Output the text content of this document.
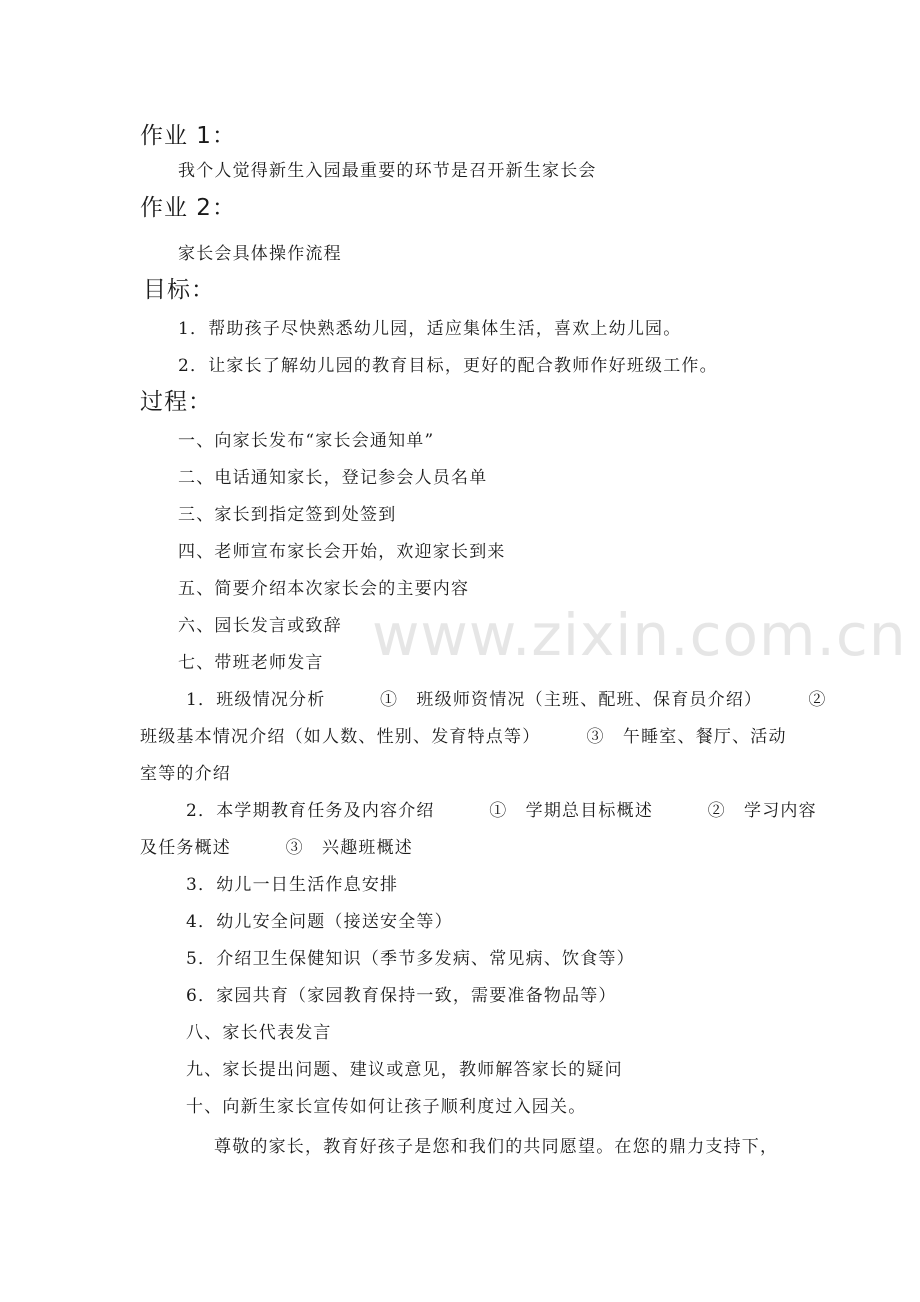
www.zixin.com.cn
作业 1：
我个人觉得新生入园最重要的环节是召开新生家长会
作业 2：
家长会具体操作流程
目标：
1．帮助孩子尽快熟悉幼儿园，适应集体生活，喜欢上幼儿园。
2．让家长了解幼儿园的教育目标，更好的配合教师作好班级工作。
过程：
一、向家长发布“家长会通知单”
二、电话通知家长，登记参会人员名单
三、家长到指定签到处签到
四、老师宣布家长会开始，欢迎家长到来
五、简要介绍本次家长会的主要内容
六、园长发言或致辞
七、带班老师发言
1．班级情况分析　　　①　班级师资情况（主班、配班、保育员介绍）　　　②
班级基本情况介绍（如人数、性别、发育特点等）　　　③　午睡室、餐厅、活动
室等的介绍
2．本学期教育任务及内容介绍　　　①　学期总目标概述　　　②　学习内容
及任务概述　　　③　兴趣班概述
3．幼儿一日生活作息安排
4．幼儿安全问题（接送安全等）
5．介绍卫生保健知识（季节多发病、常见病、饮食等）
6．家园共育（家园教育保持一致，需要准备物品等）
八、家长代表发言
九、家长提出问题、建议或意见，教师解答家长的疑问
十、向新生家长宣传如何让孩子顺利度过入园关。
尊敬的家长，教育好孩子是您和我们的共同愿望。在您的鼎力支持下，
